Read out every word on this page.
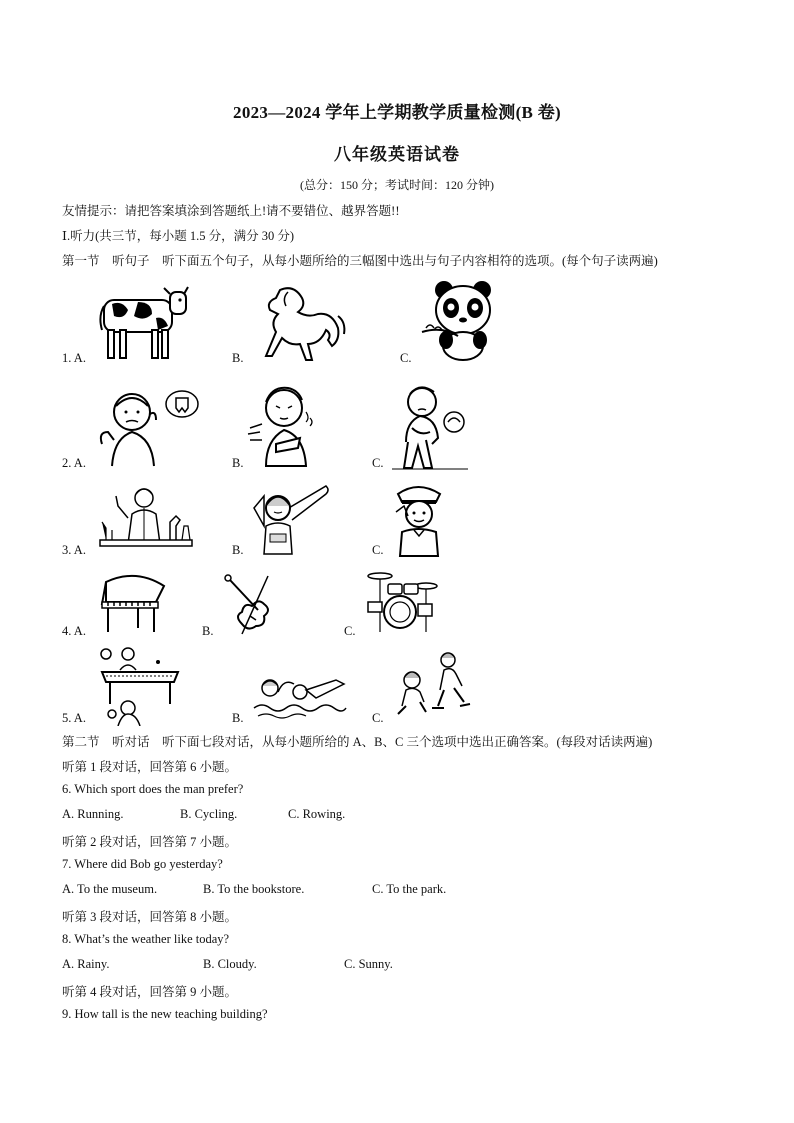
2023—2024 学年上学期教学质量检测(B 卷)
八年级英语试卷
(总分：150 分；考试时间：120 分钟)
友情提示：请把答案填涂到答题纸上!请不要错位、越界答题!!
Ⅰ.听力(共三节，每小题 1.5 分，满分 30 分)
第一节　听句子　听下面五个句子，从每小题所给的三幅图中选出与句子内容相符的选项。(每个句子读两遍)
1. A.	B.	C.
2. A.	B.	C.
3. A.	B.	C.
4. A.	B.	C.
5. A.	B.	C.
第二节　听对话　听下面七段对话，从每小题所给的 A、B、C 三个选项中选出正确答案。(每段对话读两遍)
听第 1 段对话，回答第 6 小题。
6. Which sport does the man prefer?
A. Running.	B. Cycling.	C. Rowing.
听第 2 段对话，回答第 7 小题。
7. Where did Bob go yesterday?
A. To the museum.	B. To the bookstore.	C. To the park.
听第 3 段对话，回答第 8 小题。
8. What’s the weather like today?
A. Rainy.	B. Cloudy.	C. Sunny.
听第 4 段对话，回答第 9 小题。
9. How tall is the new teaching building?
